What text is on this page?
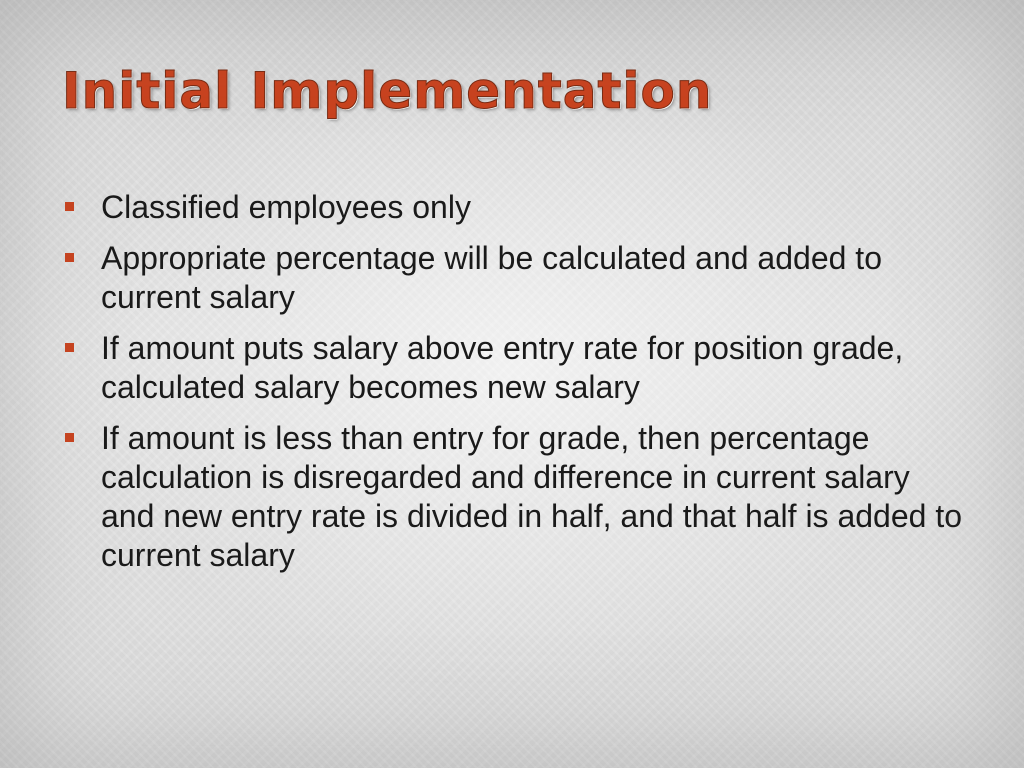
Initial Implementation
Classified employees only
Appropriate percentage will be calculated and added to current salary
If amount puts salary above entry rate for position grade, calculated salary becomes new salary
If amount is less than entry for grade, then percentage calculation is disregarded and difference in current salary and new entry rate is divided in half, and that half is added to current salary
